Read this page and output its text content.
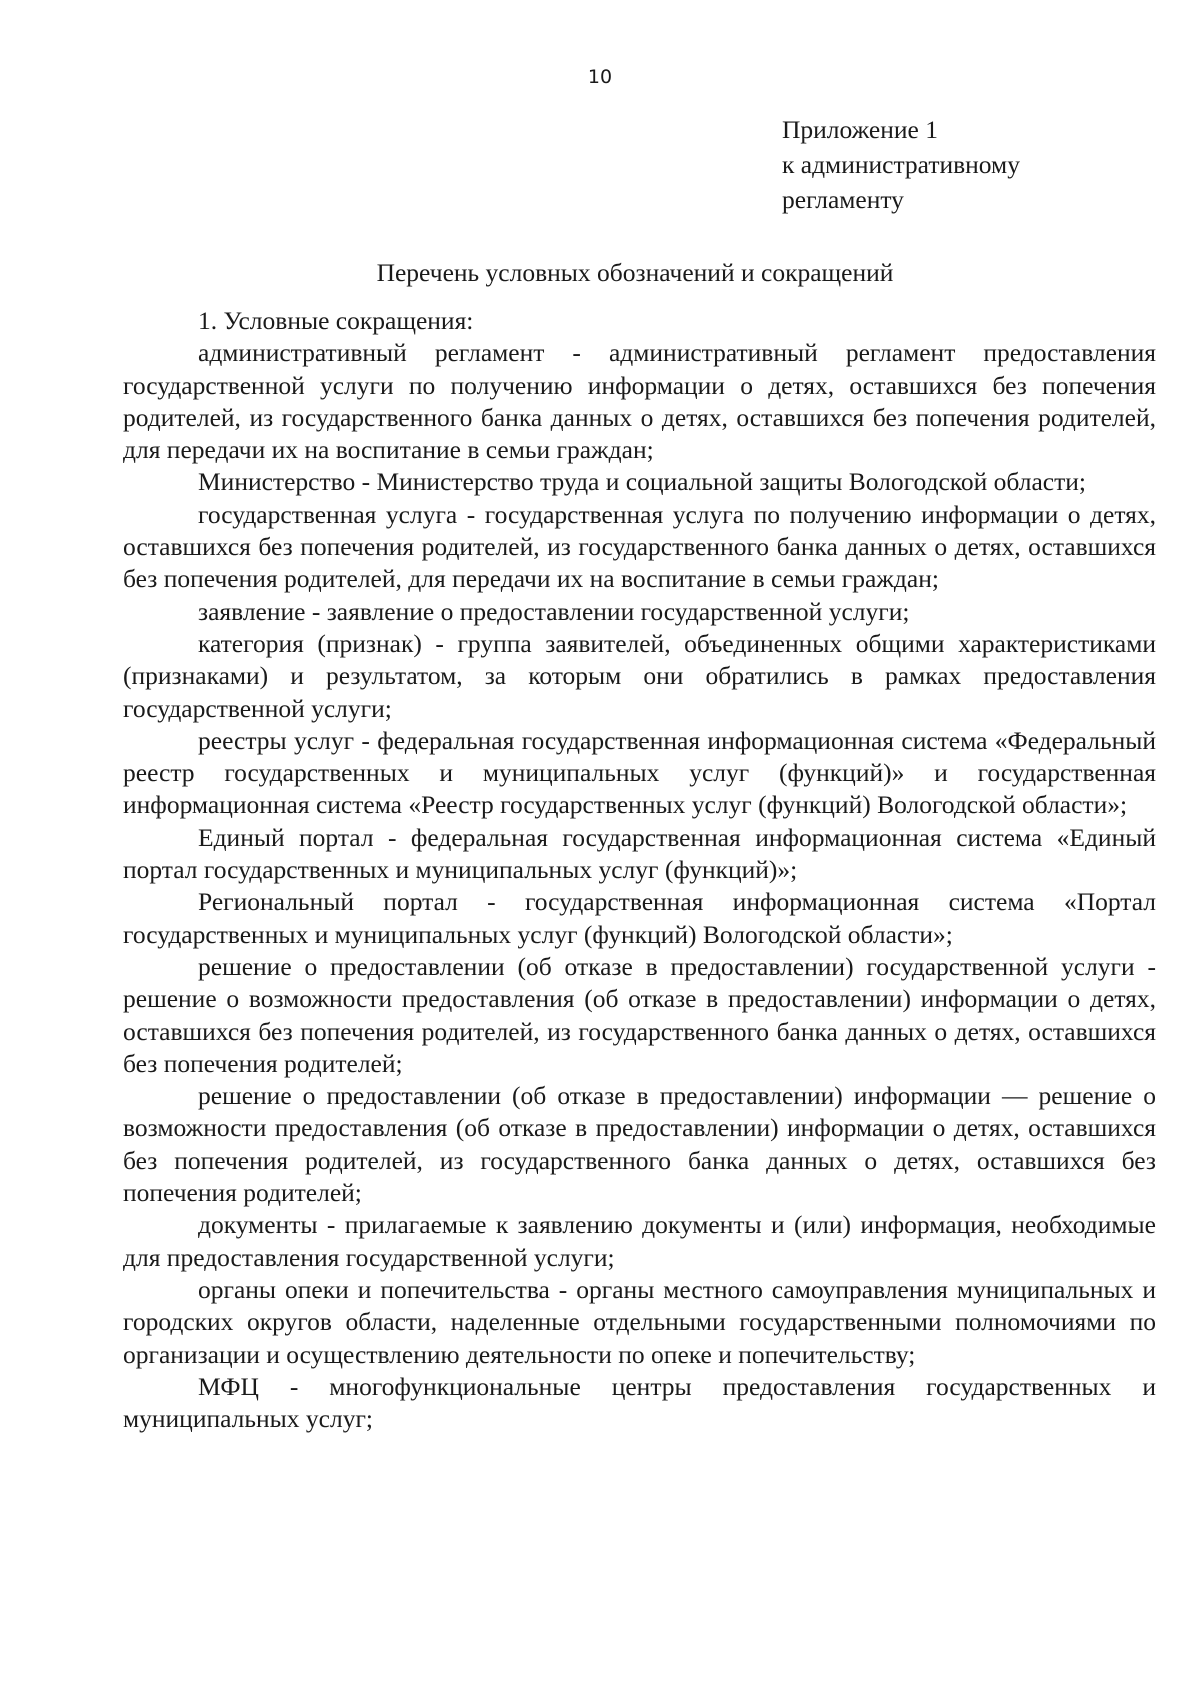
10
Приложение 1
к административному
регламенту
Перечень условных обозначений и сокращений

1. Условные сокращения:

административный регламент - административный регламент предоставления государственной услуги по получению информации о детях, оставшихся без попечения родителей, из государственного банка данных о детях, оставшихся без попечения родителей, для передачи их на воспитание в семьи граждан;

Министерство - Министерство труда и социальной защиты Вологодской области;

государственная услуга - государственная услуга по получению информации о детях, оставшихся без попечения родителей, из государственного банка данных о детях, оставшихся без попечения родителей, для передачи их на воспитание в семьи граждан;

заявление - заявление о предоставлении государственной услуги;

категория (признак) - группа заявителей, объединенных общими характеристиками (признаками) и результатом, за которым они обратились в рамках предоставления государственной услуги;

реестры услуг - федеральная государственная информационная система «Федеральный реестр государственных и муниципальных услуг (функций)» и государственная информационная система «Реестр государственных услуг (функций) Вологодской области»;

Единый портал - федеральная государственная информационная система «Единый портал государственных и муниципальных услуг (функций)»;

Региональный портал - государственная информационная система «Портал государственных и муниципальных услуг (функций) Вологодской области»;

решение о предоставлении (об отказе в предоставлении) государственной услуги - решение о возможности предоставления (об отказе в предоставлении) информации о детях, оставшихся без попечения родителей, из государственного банка данных о детях, оставшихся без попечения родителей;

решение о предоставлении (об отказе в предоставлении) информации — решение о возможности предоставления (об отказе в предоставлении) информации о детях, оставшихся без попечения родителей, из государственного банка данных о детях, оставшихся без попечения родителей;

документы - прилагаемые к заявлению документы и (или) информация, необходимые для предоставления государственной услуги;

органы опеки и попечительства - органы местного самоуправления муниципальных и городских округов области, наделенные отдельными государственными полномочиями по организации и осуществлению деятельности по опеке и попечительству;

МФЦ - многофункциональные центры предоставления государственных и муниципальных услуг;
